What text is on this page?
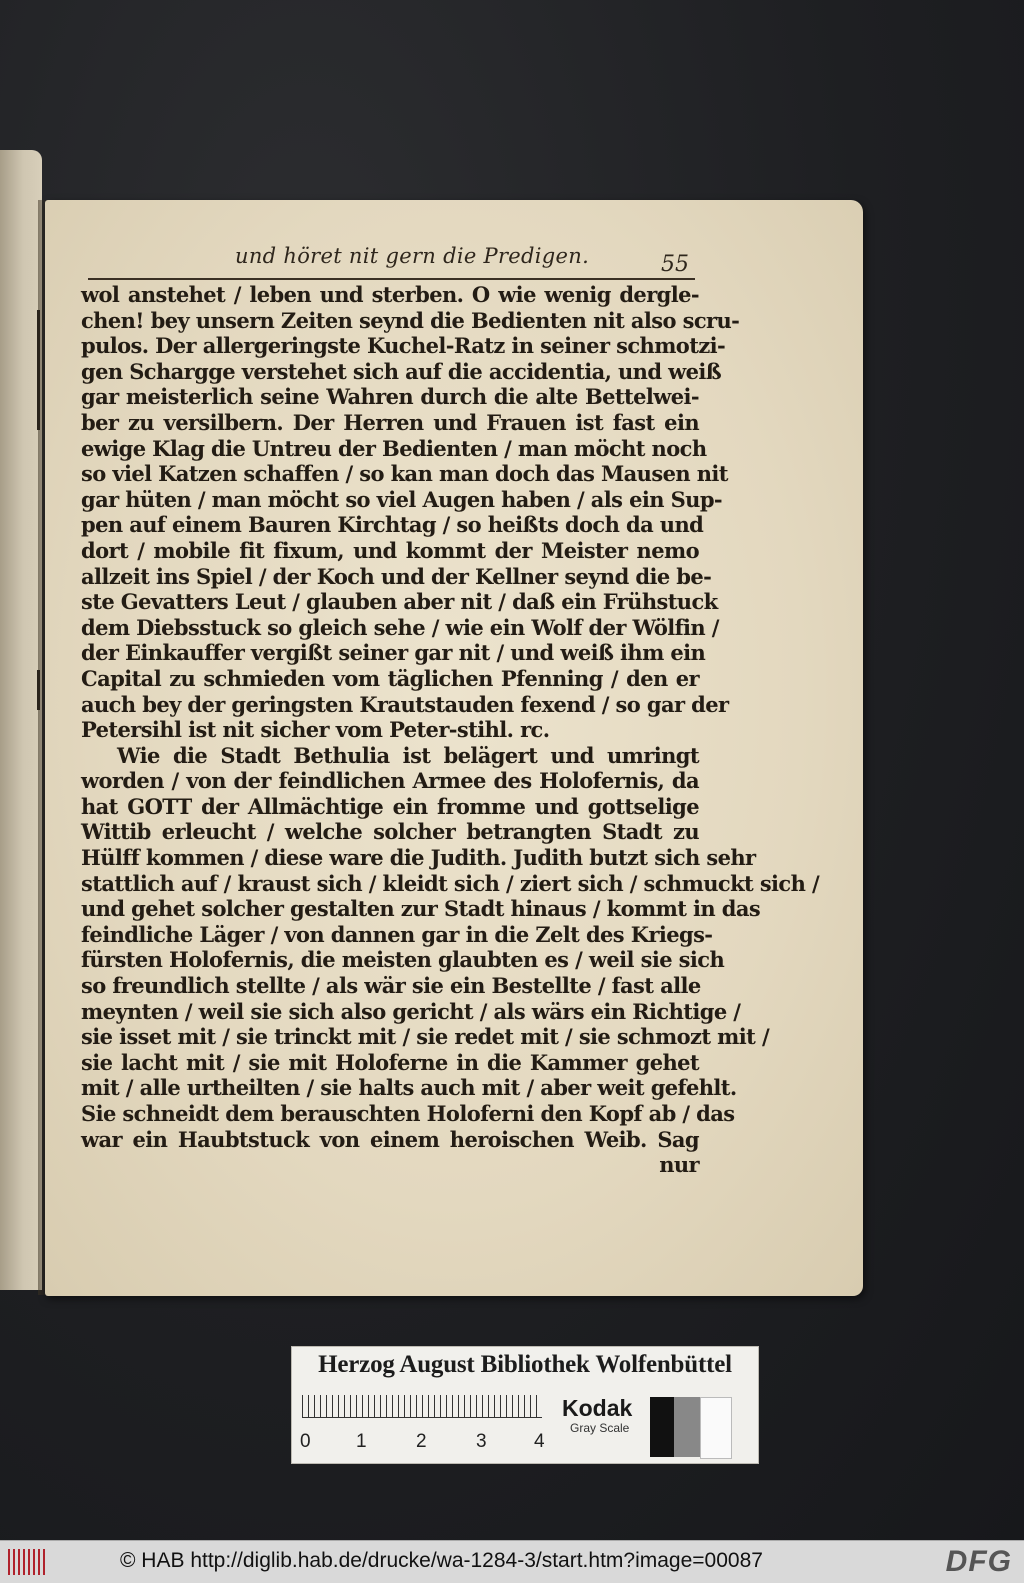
und höret nit gern die Predigen.	55
wol anstehet / leben und sterben. O wie wenig dergle-
chen! bey unsern Zeiten seynd die Bedienten nit also scru-
pulos. Der allergeringste Kuchel-Ratz in seiner schmotzi-
gen Schargge verstehet sich auf die accidentia, und weiß
gar meisterlich seine Wahren durch die alte Bettelwei-
ber zu versilbern. Der Herren und Frauen ist fast ein
ewige Klag die Untreu der Bedienten / man möcht noch
so viel Katzen schaffen / so kan man doch das Mausen nit
gar hüten / man möcht so viel Augen haben / als ein Sup-
pen auf einem Bauren Kirchtag / so heißts doch da und
dort / mobile fit fixum, und kommt der Meister nemo
allzeit ins Spiel / der Koch und der Kellner seynd die be-
ste Gevatters Leut / glauben aber nit / daß ein Frühstuck
dem Diebsstuck so gleich sehe / wie ein Wolf der Wölfin /
der Einkauffer vergißt seiner gar nit / und weiß ihm ein
Capital zu schmieden vom täglichen Pfenning / den er
auch bey der geringsten Krautstauden fexend / so gar der
Petersihl ist nit sicher vom Peter-stihl. rc.
Wie die Stadt Bethulia ist belägert und umringt
worden / von der feindlichen Armee des Holofernis, da
hat GOTT der Allmächtige ein fromme und gottselige
Wittib erleucht / welche solcher betrangten Stadt zu
Hülff kommen / diese ware die Judith. Judith butzt sich sehr
stattlich auf / kraust sich / kleidt sich / ziert sich / schmuckt sich /
und gehet solcher gestalten zur Stadt hinaus / kommt in das
feindliche Läger / von dannen gar in die Zelt des Kriegs-
fürsten Holofernis, die meisten glaubten es / weil sie sich
so freundlich stellte / als wär sie ein Bestellte / fast alle
meynten / weil sie sich also gericht / als wärs ein Richtige /
sie isset mit / sie trinckt mit / sie redet mit / sie schmozt mit /
sie lacht mit / sie mit Holoferne in die Kammer gehet
mit / alle urtheilten / sie halts auch mit / aber weit gefehlt.
Sie schneidt dem berauschten Holoferni den Kopf ab / das
war ein Haubtstuck von einem heroischen Weib. Sag
nur
Herzog August Bibliothek Wolfenbüttel
0 1	2	3 4
Kodak
Gray Scale
© HAB http://diglib.hab.de/drucke/wa-1284-3/start.htm?image=00087	DFG
